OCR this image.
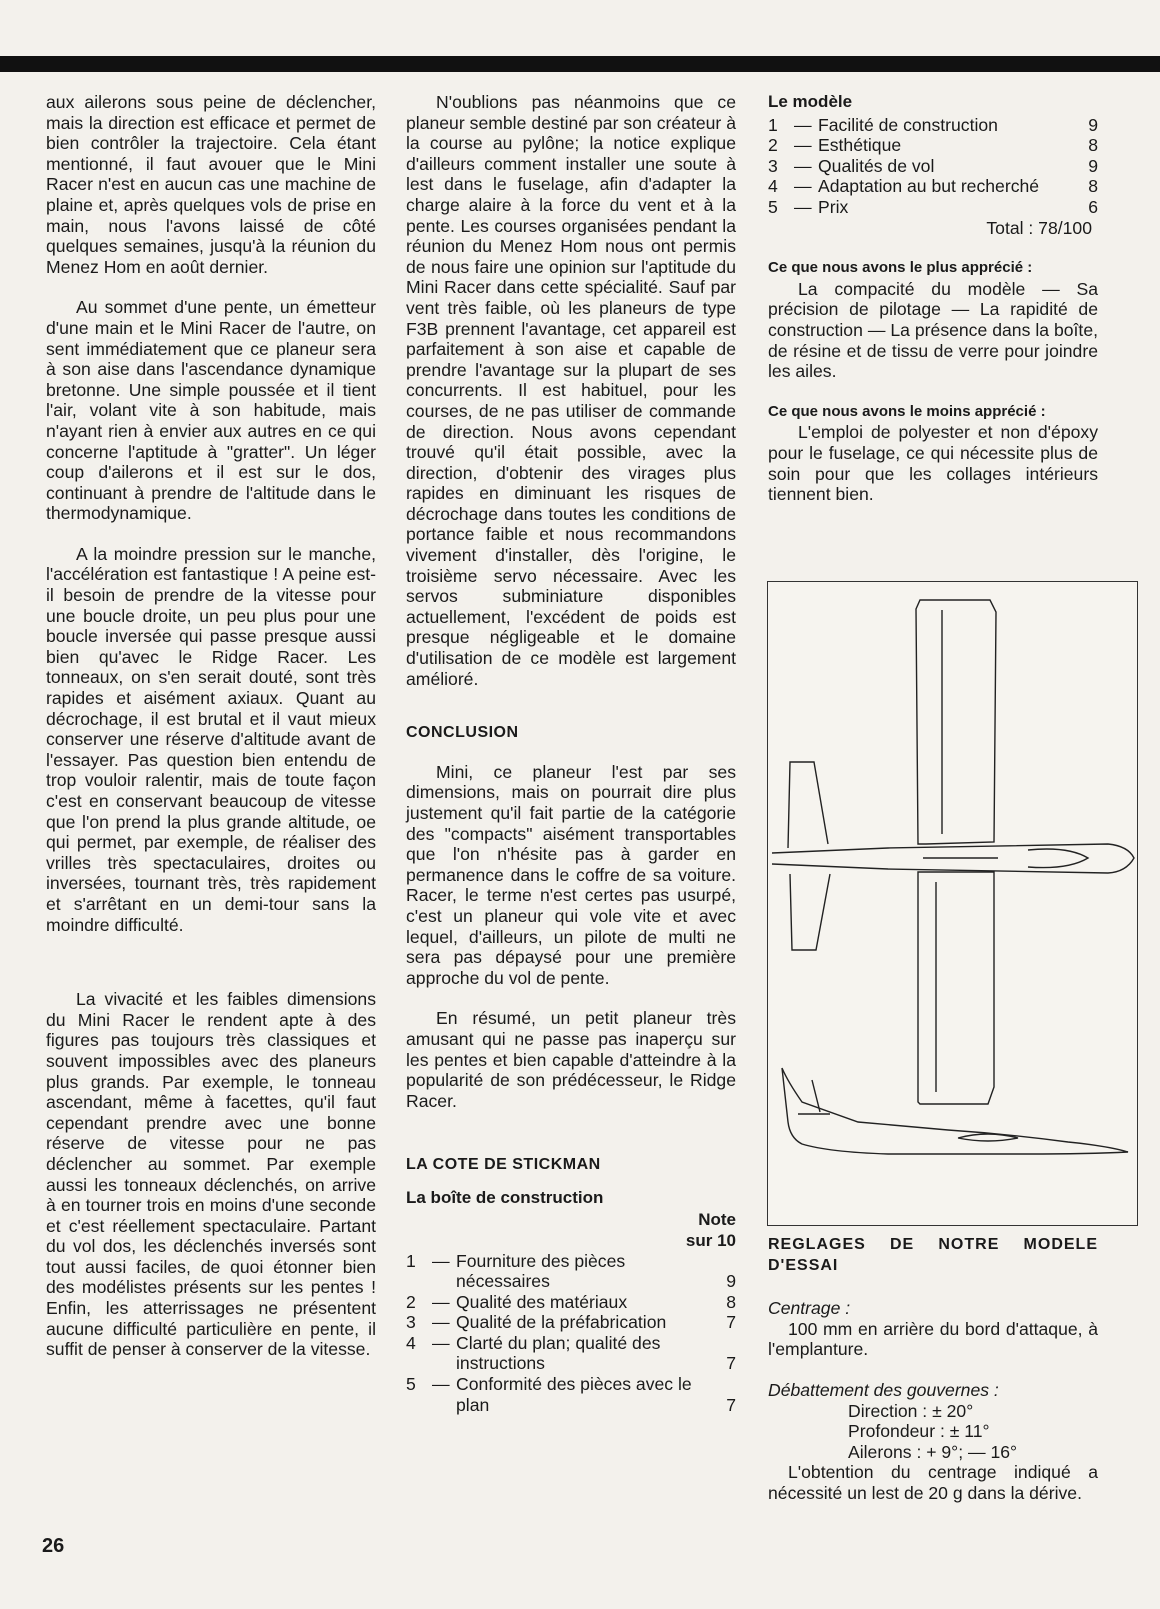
aux ailerons sous peine de déclencher, mais la direction est efficace et permet de bien contrôler la trajectoire. Cela étant mentionné, il faut avouer que le Mini Racer n'est en aucun cas une machine de plaine et, après quelques vols de prise en main, nous l'avons laissé de côté quelques semaines, jusqu'à la réunion du Menez Hom en août dernier.

Au sommet d'une pente, un émetteur d'une main et le Mini Racer de l'autre, on sent immédiatement que ce planeur sera à son aise dans l'ascendance dynamique bretonne. Une simple poussée et il tient l'air, volant vite à son habitude, mais n'ayant rien à envier aux autres en ce qui concerne l'aptitude à "gratter". Un léger coup d'ailerons et il est sur le dos, continuant à prendre de l'altitude dans le thermodynamique.

A la moindre pression sur le manche, l'accélération est fantastique ! A peine est-il besoin de prendre de la vitesse pour une boucle droite, un peu plus pour une boucle inversée qui passe presque aussi bien qu'avec le Ridge Racer. Les tonneaux, on s'en serait douté, sont très rapides et aisément axiaux. Quant au décrochage, il est brutal et il vaut mieux conserver une réserve d'altitude avant de l'essayer. Pas question bien entendu de trop vouloir ralentir, mais de toute façon c'est en conservant beaucoup de vitesse que l'on prend la plus grande altitude, oe qui permet, par exemple, de réaliser des vrilles très spectaculaires, droites ou inversées, tournant très, très rapidement et s'arrêtant en un demi-tour sans la moindre difficulté.

La vivacité et les faibles dimensions du Mini Racer le rendent apte à des figures pas toujours très classiques et souvent impossibles avec des planeurs plus grands. Par exemple, le tonneau ascendant, même à facettes, qu'il faut cependant prendre avec une bonne réserve de vitesse pour ne pas déclencher au sommet. Par exemple aussi les tonneaux déclenchés, on arrive à en tourner trois en moins d'une seconde et c'est réellement spectaculaire. Partant du vol dos, les déclenchés inversés sont tout aussi faciles, de quoi étonner bien des modélistes présents sur les pentes ! Enfin, les atterrissages ne présentent aucune difficulté particulière en pente, il suffit de penser à conserver de la vitesse.

N'oublions pas néanmoins que ce planeur semble destiné par son créateur à la course au pylône; la notice explique d'ailleurs comment installer une soute à lest dans le fuselage, afin d'adapter la charge alaire à la force du vent et à la pente. Les courses organisées pendant la réunion du Menez Hom nous ont permis de nous faire une opinion sur l'aptitude du Mini Racer dans cette spécialité. Sauf par vent très faible, où les planeurs de type F3B prennent l'avantage, cet appareil est parfaitement à son aise et capable de prendre l'avantage sur la plupart de ses concurrents. Il est habituel, pour les courses, de ne pas utiliser de commande de direction. Nous avons cependant trouvé qu'il était possible, avec la direction, d'obtenir des virages plus rapides en diminuant les risques de décrochage dans toutes les conditions de portance faible et nous recommandons vivement d'installer, dès l'origine, le troisième servo nécessaire. Avec les servos subminiature disponibles actuellement, l'excédent de poids est presque négligeable et le domaine d'utilisation de ce modèle est largement amélioré.

CONCLUSION

Mini, ce planeur l'est par ses dimensions, mais on pourrait dire plus justement qu'il fait partie de la catégorie des "compacts" aisément transportables que l'on n'hésite pas à garder en permanence dans le coffre de sa voiture. Racer, le terme n'est certes pas usurpé, c'est un planeur qui vole vite et avec lequel, d'ailleurs, un pilote de multi ne sera pas dépaysé pour une première approche du vol de pente.

En résumé, un petit planeur très amusant qui ne passe pas inaperçu sur les pentes et bien capable d'atteindre à la popularité de son prédécesseur, le Ridge Racer.

LA COTE DE STICKMAN
La boîte de construction
Note
sur 10
1 — Fourniture des pièces nécessaires	9
2 — Qualité des matériaux	8
3 — Qualité de la préfabrication	7
4 — Clarté du plan; qualité des instructions	7
5 — Conformité des pièces avec le plan	7
Le modèle
1 — Facilité de construction	9
2 — Esthétique	8
3 — Qualités de vol	9
4 — Adaptation au but recherché	8
5 — Prix	6
Total : 78/100
Ce que nous avons le plus apprécié :

La compacité du modèle — Sa précision de pilotage — La rapidité de construction — La présence dans la boîte, de résine et de tissu de verre pour joindre les ailes.

Ce que nous avons le moins apprécié :

L'emploi de polyester et non d'époxy pour le fuselage, ce qui nécessite plus de soin pour que les collages intérieurs tiennent bien.

REGLAGES DE NOTRE MODELE D'ESSAI
Centrage :

100 mm en arrière du bord d'attaque, à l'emplanture.

Débattement des gouvernes :
Direction : ± 20°
Profondeur : ± 11°
Ailerons : + 9°; — 16°

L'obtention du centrage indiqué a nécessité un lest de 20 g dans la dérive.

26
